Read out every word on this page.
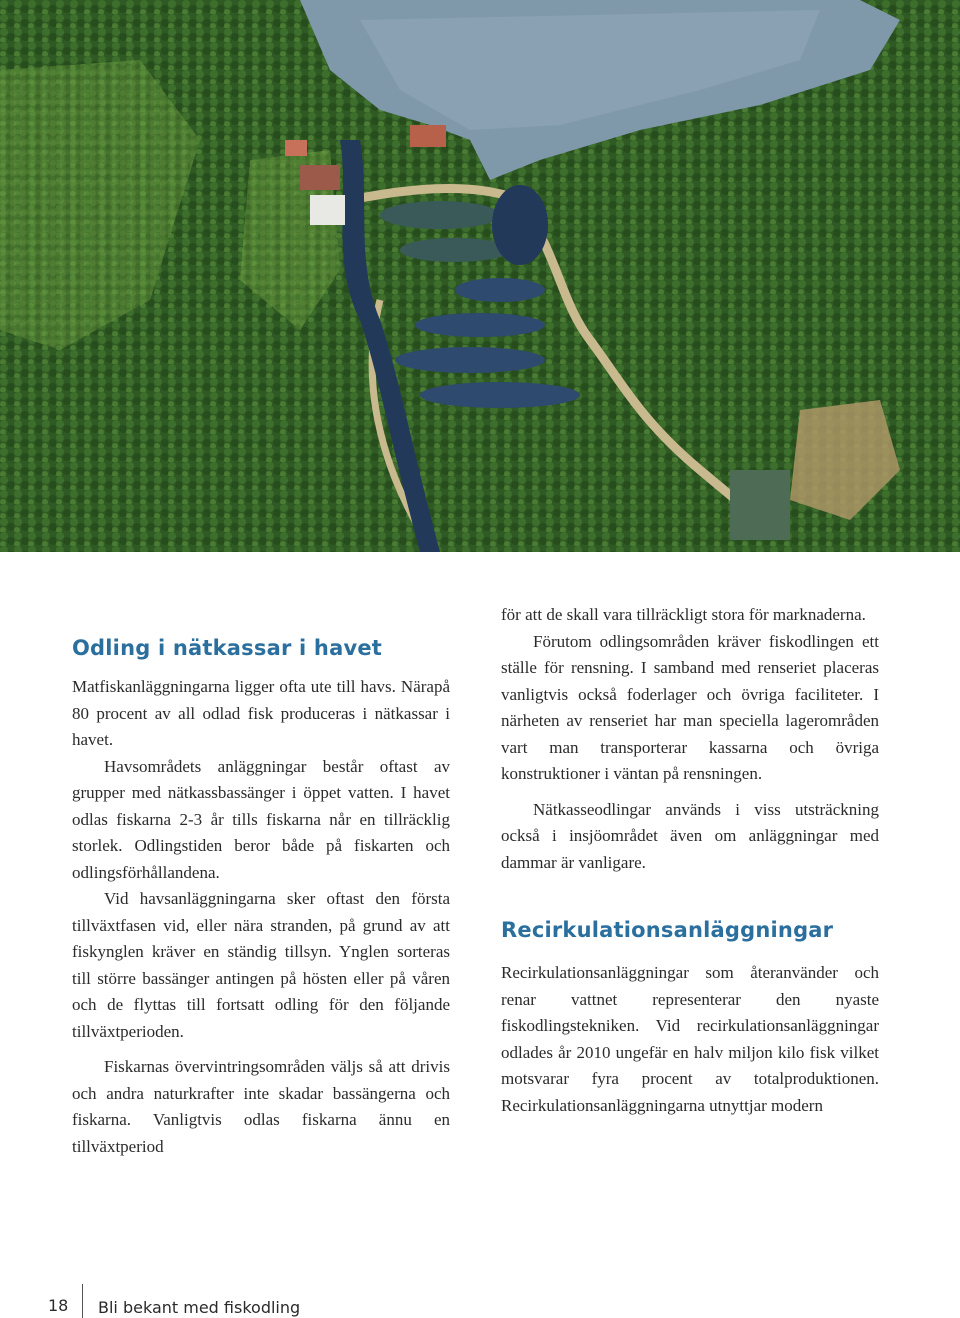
Odling i nätkassar i havet

Matfiskanläggningarna ligger ofta ute till havs. Närapå 80 procent av all odlad fisk produceras i nätkassar i havet.

Havsområdets anläggningar består oftast av grupper med nätkassbassänger i öppet vatten. I havet odlas fiskarna 2-3 år tills fiskarna når en tillräcklig storlek. Odlingstiden beror både på fiskarten och odlingsförhållandena.

Vid havsanläggningarna sker oftast den första tillväxtfasen vid, eller nära stranden, på grund av att fiskynglen kräver en ständig tillsyn. Ynglen sorteras till större bassänger antingen på hösten eller på våren och de flyttas till fortsatt odling för den följande tillväxtperioden.

Fiskarnas övervintringsområden väljs så att drivis och andra naturkrafter inte skadar bassängerna och fiskarna. Vanligtvis odlas fiskarna ännu en tillväxtperiod

för att de skall vara tillräckligt stora för marknaderna.

Förutom odlingsområden kräver fiskodlingen ett ställe för rensning. I samband med renseriet placeras vanligtvis också foderlager och övriga faciliteter. I närheten av renseriet har man speciella lagerområden vart man transporterar kassarna och övriga konstruktioner i väntan på rensningen.

Nätkasseodlingar används i viss utsträckning också i insjöområdet även om anläggningar med dammar är vanligare.

Recirkulationsanläggningar

Recirkulationsanläggningar som återanvänder och renar vattnet representerar den nyaste fiskodlingstekniken. Vid recirkulationsanläggningar odlades år 2010 ungefär en halv miljon kilo fisk vilket motsvarar fyra procent av totalproduktionen. Recirkulationsanläggningarna utnyttjar modern

18 Bli bekant med fiskodling
